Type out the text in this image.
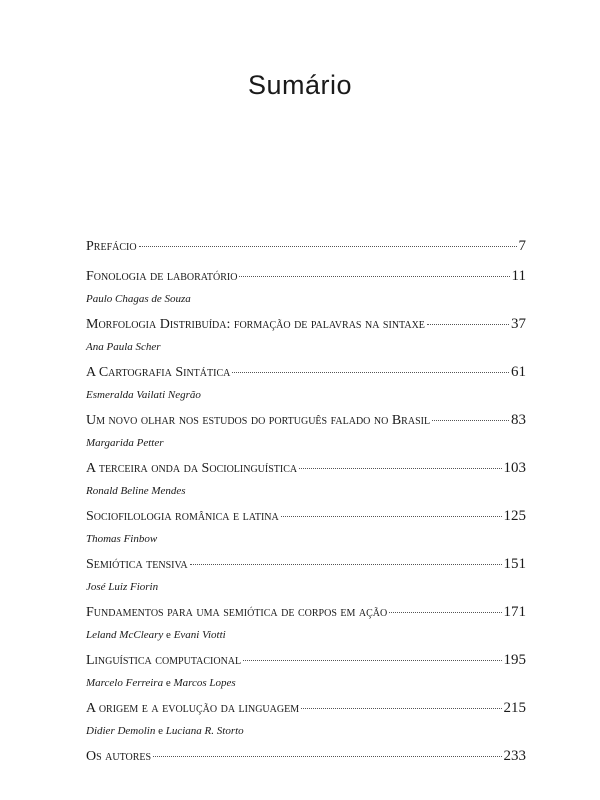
Sumário
Prefácio	7
Fonologia de laboratório	11
Paulo Chagas de Souza
Morfologia Distribuída: formação de palavras na sintaxe	37
Ana Paula Scher
A Cartografia Sintática	61
Esmeralda Vailati Negrão
Um novo olhar nos estudos do português falado no Brasil	83
Margarida Petter
A terceira onda da Sociolinguística	103
Ronald Beline Mendes
Sociofilologia românica e latina	125
Thomas Finbow
Semiótica tensiva	151
José Luiz Fiorin
Fundamentos para uma semiótica de corpos em ação	171
Leland McCleary e Evani Viotti
Linguística computacional	195
Marcelo Ferreira e Marcos Lopes
A origem e a evolução da linguagem	215
Didier Demolin e Luciana R. Storto
Os autores	233
